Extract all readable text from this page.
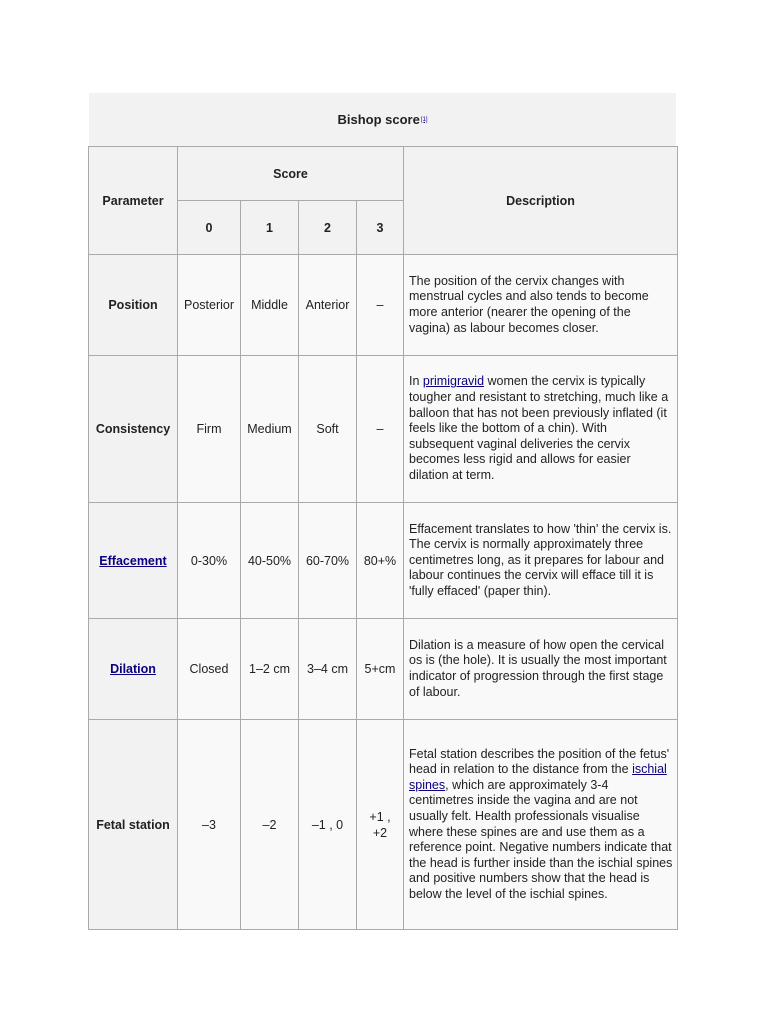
Bishop score [1]
Parameter	Score				Description
	0	1	2	3	
Position	Posterior	Middle	Anterior	–	The position of the cervix changes with menstrual cycles and also tends to become more anterior (nearer the opening of the vagina) as labour becomes closer.

Consistency	Firm	Medium	Soft	–	In primigravid women the cervix is typically tougher and resistant to stretching, much like a balloon that has not been previously inflated (it feels like the bottom of a chin). With subsequent vaginal deliveries the cervix becomes less rigid and allows for easier dilation at term.
Effacement	0-30%	40-50%	60-70%	80+%	Effacement translates to how 'thin' the cervix is. The cervix is normally approximately three centimetres long, as it prepares for labour and labour continues the cervix will efface till it is 'fully effaced' (paper thin).
Dilation	Closed	1–2 cm	3–4 cm	5+cm	Dilation is a measure of how open the cervical os is (the hole). It is usually the most important indicator of progression through the first stage of labour.
Fetal station	–3	–2	–1 , 0	+1 , +2	Fetal station describes the position of the fetus' head in relation to the distance from the ischial spines, which are approximately 3-4 centimetres inside the vagina and are not usually felt. Health professionals visualise where these spines are and use them as a reference point. Negative numbers indicate that the head is further inside than the ischial spines and positive numbers show that the head is below the level of the ischial spines.
